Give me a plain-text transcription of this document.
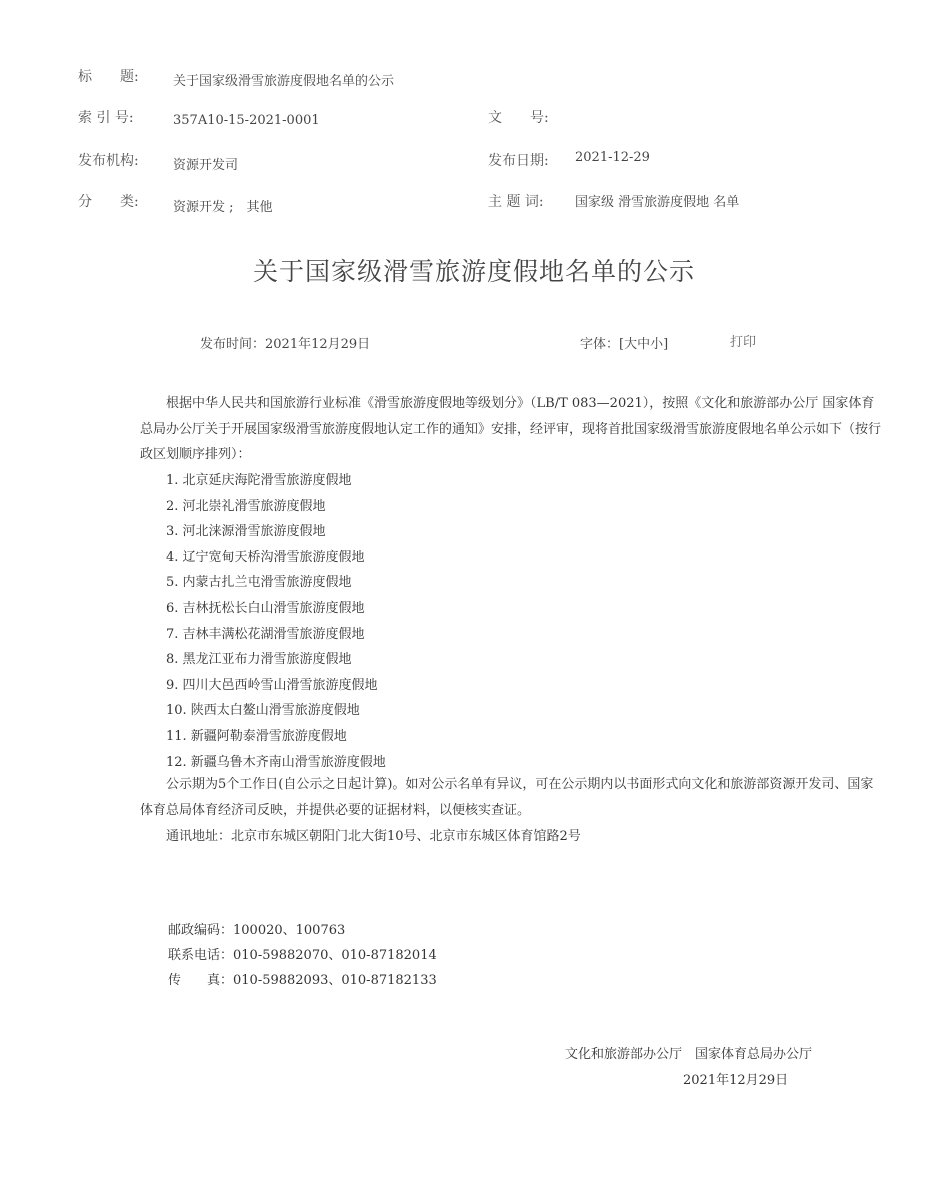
标　　题:	关于国家级滑雪旅游度假地名单的公示
索 引 号:	357A10-15-2021-0001	文　　号:
发布机构:	资源开发司	发布日期: 2021-12-29
分　　类:	资源开发 ;　其他	主 题 词: 国家级 滑雪旅游度假地 名单
关于国家级滑雪旅游度假地名单的公示
发布时间：2021年12月29日	字体：[大中小]	打印
根据中华人民共和国旅游行业标准《滑雪旅游度假地等级划分》（LB/T 083—2021），按照《文化和旅游部办公厅 国家体育总局办公厅关于开展国家级滑雪旅游度假地认定工作的通知》安排，经评审，现将首批国家级滑雪旅游度假地名单公示如下（按行政区划顺序排列）：
1. 北京延庆海陀滑雪旅游度假地
2. 河北崇礼滑雪旅游度假地
3. 河北涞源滑雪旅游度假地
4. 辽宁宽甸天桥沟滑雪旅游度假地
5. 内蒙古扎兰屯滑雪旅游度假地
6. 吉林抚松长白山滑雪旅游度假地
7. 吉林丰满松花湖滑雪旅游度假地
8. 黑龙江亚布力滑雪旅游度假地
9. 四川大邑西岭雪山滑雪旅游度假地
10. 陕西太白鳌山滑雪旅游度假地
11. 新疆阿勒泰滑雪旅游度假地
12. 新疆乌鲁木齐南山滑雪旅游度假地
公示期为5个工作日(自公示之日起计算)。如对公示名单有异议，可在公示期内以书面形式向文化和旅游部资源开发司、国家体育总局体育经济司反映，并提供必要的证据材料，以便核实查证。
通讯地址：北京市东城区朝阳门北大街10号、北京市东城区体育馆路2号
邮政编码：100020、100763
联系电话：010-59882070、010-87182014
传　　真：010-59882093、010-87182133
文化和旅游部办公厅　国家体育总局办公厅
2021年12月29日
